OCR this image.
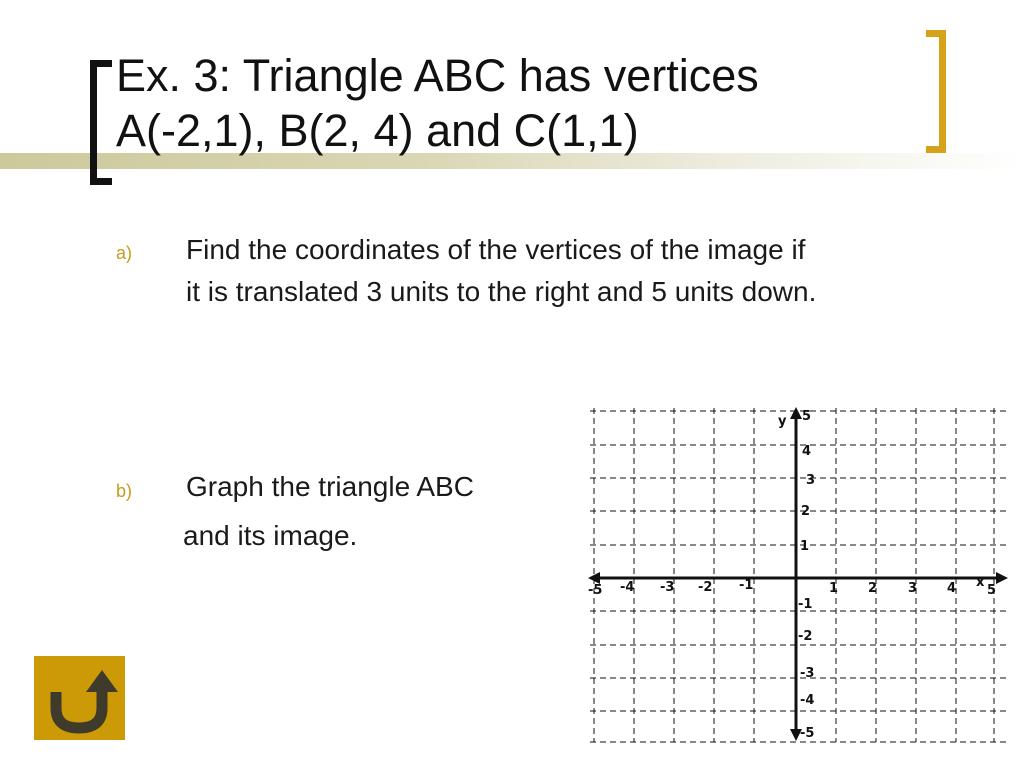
Ex. 3: Triangle ABC has vertices
A(-2,1), B(2, 4) and C(1,1)
a) Find the coordinates of the vertices of the image if
it is translated 3 units to the right and 5 units down.
b) Graph the triangle ABC
and its image.
y
x
-5 -4 -3 -2 -1	1 2 3 4 5
5
4
3
2
1
-1
-2
-3
-4
-5
